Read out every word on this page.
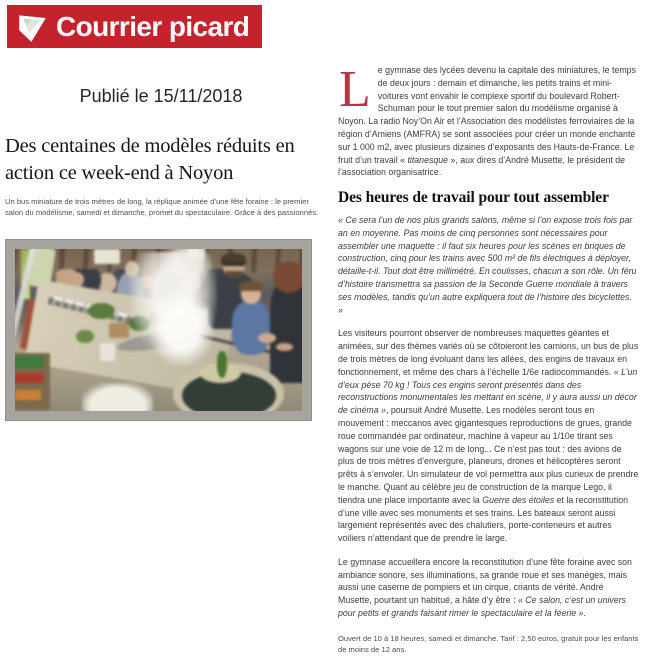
Courrier picard
Publié le 15/11/2018
Des centaines de modèles réduits en action ce week-end à Noyon

Un bus miniature de trois mètres de long, la réplique animée d’une fête foraine : le premier salon du modélisme, samedi et dimanche, promet du spectaculaire. Grâce à des passionnés.

Le gymnase des lycées devenu la capitale des miniatures, le temps de deux jours : demain et dimanche, les petits trains et mini-voitures vont envahir le complexe sportif du boulevard Robert-Schuman pour le tout premier salon du modélisme organisé à Noyon. La radio Noy’On Air et l’Association des modélistes ferroviaires de la région d’Amiens (AMFRA) se sont associées pour créer un monde enchanté sur 1 000 m2, avec plusieurs dizaines d’exposants des Hauts-de-France. Le fruit d’un travail « titanesque », aux dires d’André Musette, le président de l’association organisatrice.

Des heures de travail pour tout assembler

« Ce sera l’un de nos plus grands salons, même si l’on expose trois fois par an en moyenne. Pas moins de cinq personnes sont nécessaires pour assembler une maquette : il faut six heures pour les scènes en briques de construction, cinq pour les trains avec 500 m² de fils électriques à déployer, détaille-t-il. Tout doit être millimétré. En coulisses, chacun a son rôle. Un féru d’histoire transmettra sa passion de la Seconde Guerre mondiale à travers ses modèles, tandis qu’un autre expliquera tout de l’histoire des bicyclettes. »

Les visiteurs pourront observer de nombreuses maquettes géantes et animées, sur des thèmes variés où se côtoieront les camions, un bus de plus de trois mètres de long évoluant dans les allées, des engins de travaux en fonctionnement, et même des chars à l’échelle 1/6e radiocommandés. « L’un d’eux pèse 70 kg ! Tous ces engins seront présentés dans des reconstructions monumentales les mettant en scène, il y aura aussi un décor de cinéma », poursuit André Musette. Les modèles seront tous en mouvement : meccanos avec gigantesques reproductions de grues, grande roue commandée par ordinateur, machine à vapeur au 1/10e tirant ses wagons sur une voie de 12 m de long... Ce n’est pas tout : des avions de plus de trois mètres d’envergure, planeurs, drones et hélicoptères seront prêts à s’envoler. Un simulateur de vol permettra aux plus curieux de prendre le manche. Quant au célèbre jeu de construction de la marque Lego, il tiendra une place importante avec la Guerre des étoiles et la reconstitution d’une ville avec ses monuments et ses trains. Les bateaux seront aussi largement représentés avec des chalutiers, porte-conteneurs et autres voiliers n’attendant que de prendre le large.

Le gymnase accueillera encore la reconstitution d’une fête foraine avec son ambiance sonore, ses illuminations, sa grande roue et ses manèges, mais aussi une caserne de pompiers et un cirque, criants de vérité. André Musette, pourtant un habitué, a hâte d’y être : « Ce salon, c’est un univers pour petits et grands faisant rimer le spectaculaire et la féerie ».

Ouvert de 10 à 18 heures, samedi et dimanche. Tarif : 2,50 euros, gratuit pour les enfants de moins de 12 ans.
